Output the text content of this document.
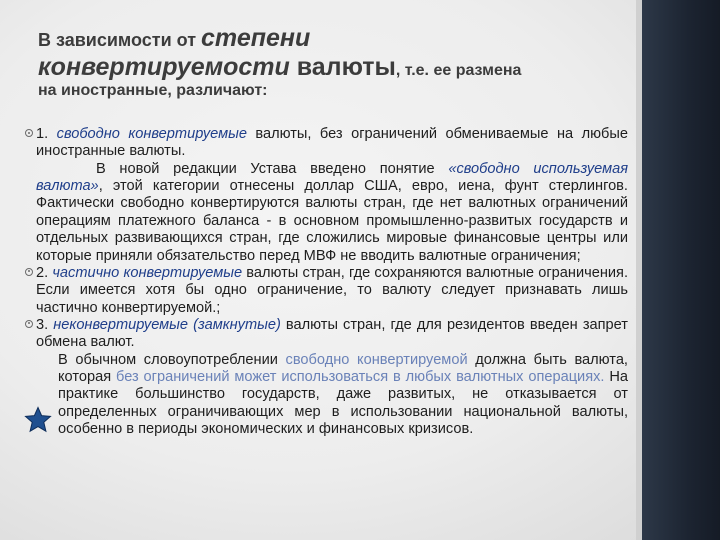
В зависимости от степени
конвертируемости валюты, т.е. ее размена
на иностранные, различают:

1. свободно конвертируемые валюты, без ограничений обмениваемые на любые иностранные валюты.

В новой редакции Устава введено понятие «свободно используемая валюта», этой категории отнесены доллар США, евро, иена, фунт стерлингов. Фактически свободно конвертируются валюты стран, где нет валютных ограничений операциям платежного баланса - в основном промышленно-развитых государств и отдельных развивающихся стран, где сложились мировые финансовые центры или которые приняли обязательство перед МВФ не вводить валютные ограничения;

2. частично конвертируемые валюты стран, где сохраняются валютные ограничения. Если имеется хотя бы одно ограничение, то валюту следует признавать лишь частично конвертируемой.;

3. неконвертируемые (замкнутые) валюты стран, где для резидентов введен запрет обмена валют.

В обычном словоупотреблении свободно конвертируемой должна быть валюта, которая без ограничений может использоваться в любых валютных операциях. На практике большинство государств, даже развитых, не отказывается от определенных ограничивающих мер в использовании национальной валюты, особенно в периоды экономических и финансовых кризисов.
